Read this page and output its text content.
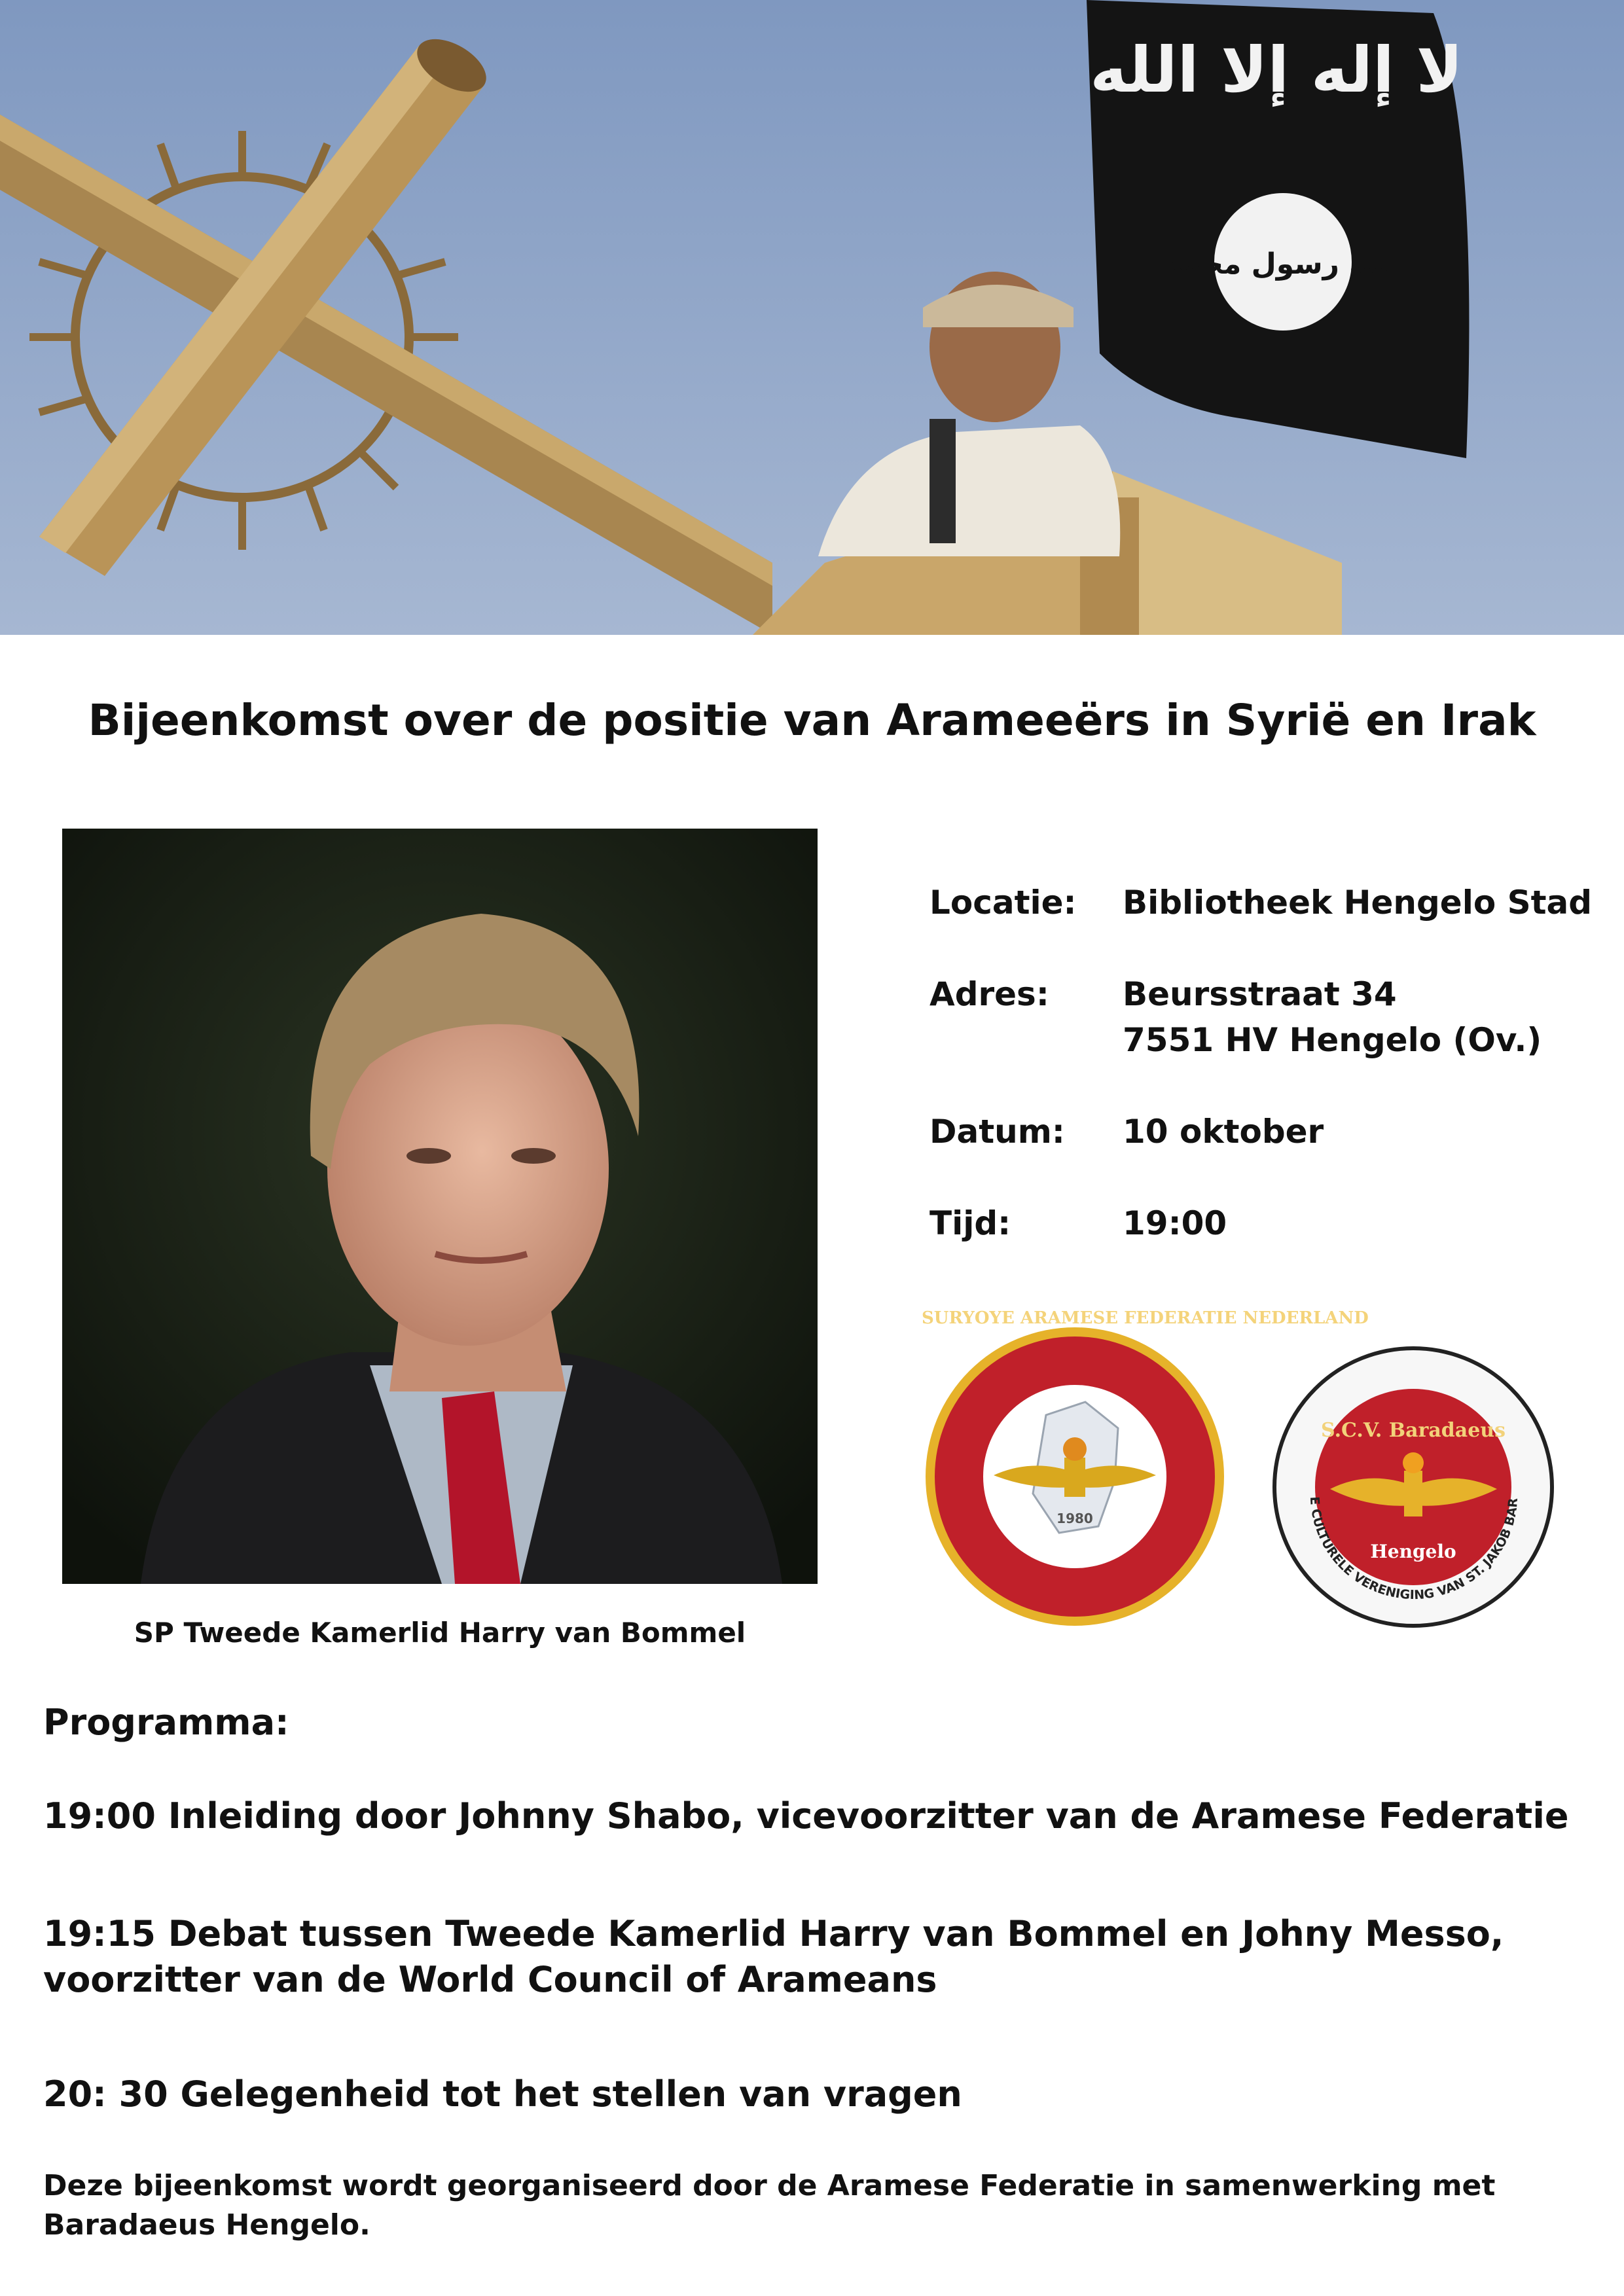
لا إله إلا الله
الله رسول محمد
Bijeenkomst over de positie van Arameeërs in Syrië en Irak
SP Tweede Kamerlid Harry van Bommel
Locatie: Bibliotheek Hengelo Stad
Adres: Beursstraat 34
7551 HV Hengelo (Ov.)
Datum: 10 oktober
Tijd:	19:00
SURYOYE ARAMESE FEDERATIE NEDERLAND
1980
E CULTURELE VERENIGING VAN ST. JAKOB BAR
S.C.V. Baradaeus
Hengelo
Programma:
19:00 Inleiding door Johnny Shabo, vicevoorzitter van de Aramese Federatie
19:15 Debat tussen Tweede Kamerlid Harry van Bommel en Johny Messo,
voorzitter van de World Council of Arameans
20: 30 Gelegenheid tot het stellen van vragen
Deze bijeenkomst wordt georganiseerd door de Aramese Federatie in samenwerking met
Baradaeus Hengelo.
